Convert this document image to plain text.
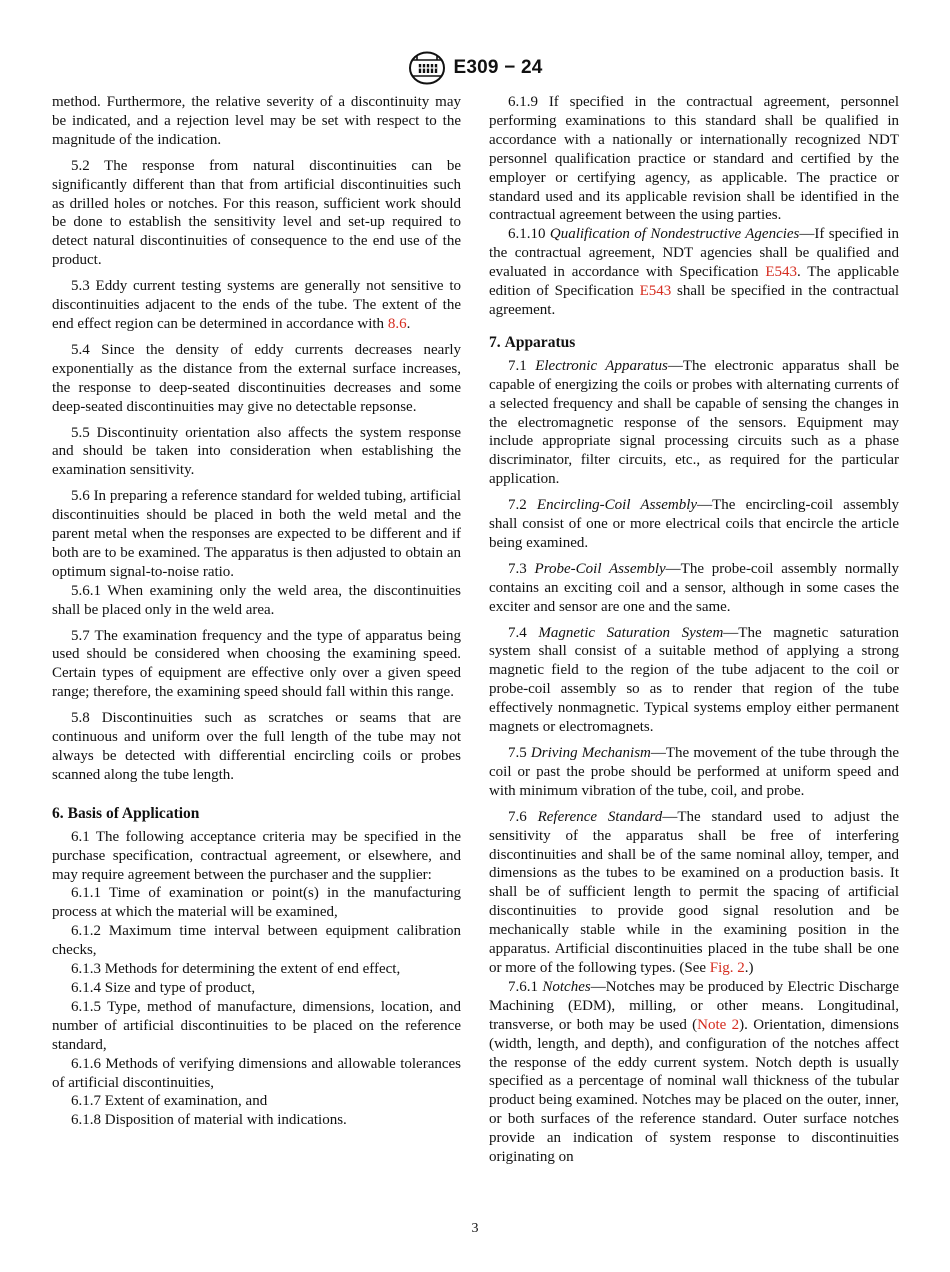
E309 − 24

method. Furthermore, the relative severity of a discontinuity may be indicated, and a rejection level may be set with respect to the magnitude of the indication.

5.2 The response from natural discontinuities can be significantly different than that from artificial discontinuities such as drilled holes or notches. For this reason, sufficient work should be done to establish the sensitivity level and set-up required to detect natural discontinuities of consequence to the end use of the product.

5.3 Eddy current testing systems are generally not sensitive to discontinuities adjacent to the ends of the tube. The extent of the end effect region can be determined in accordance with 8.6.

5.4 Since the density of eddy currents decreases nearly exponentially as the distance from the external surface increases, the response to deep-seated discontinuities decreases and some deep-seated discontinuities may give no detectable repsonse.

5.5 Discontinuity orientation also affects the system response and should be taken into consideration when establishing the examination sensitivity.

5.6 In preparing a reference standard for welded tubing, artificial discontinuities should be placed in both the weld metal and the parent metal when the responses are expected to be different and if both are to be examined. The apparatus is then adjusted to obtain an optimum signal-to-noise ratio.

5.6.1 When examining only the weld area, the discontinuities shall be placed only in the weld area.

5.7 The examination frequency and the type of apparatus being used should be considered when choosing the examining speed. Certain types of equipment are effective only over a given speed range; therefore, the examining speed should fall within this range.

5.8 Discontinuities such as scratches or seams that are continuous and uniform over the full length of the tube may not always be detected with differential encircling coils or probes scanned along the tube length.

6. Basis of Application

6.1 The following acceptance criteria may be specified in the purchase specification, contractual agreement, or elsewhere, and may require agreement between the purchaser and the supplier:

6.1.1 Time of examination or point(s) in the manufacturing process at which the material will be examined,

6.1.2 Maximum time interval between equipment calibration checks,

6.1.3 Methods for determining the extent of end effect,

6.1.4 Size and type of product,

6.1.5 Type, method of manufacture, dimensions, location, and number of artificial discontinuities to be placed on the reference standard,

6.1.6 Methods of verifying dimensions and allowable tolerances of artificial discontinuities,

6.1.7 Extent of examination, and

6.1.8 Disposition of material with indications.

6.1.9 If specified in the contractual agreement, personnel performing examinations to this standard shall be qualified in accordance with a nationally or internationally recognized NDT personnel qualification practice or standard and certified by the employer or certifying agency, as applicable. The practice or standard used and its applicable revision shall be identified in the contractual agreement between the using parties.

6.1.10 Qualification of Nondestructive Agencies—If specified in the contractual agreement, NDT agencies shall be qualified and evaluated in accordance with Specification E543. The applicable edition of Specification E543 shall be specified in the contractual agreement.

7. Apparatus

7.1 Electronic Apparatus—The electronic apparatus shall be capable of energizing the coils or probes with alternating currents of a selected frequency and shall be capable of sensing the changes in the electromagnetic response of the sensors. Equipment may include appropriate signal processing circuits such as a phase discriminator, filter circuits, etc., as required for the particular application.

7.2 Encircling-Coil Assembly—The encircling-coil assembly shall consist of one or more electrical coils that encircle the article being examined.

7.3 Probe-Coil Assembly—The probe-coil assembly normally contains an exciting coil and a sensor, although in some cases the exciter and sensor are one and the same.

7.4 Magnetic Saturation System—The magnetic saturation system shall consist of a suitable method of applying a strong magnetic field to the region of the tube adjacent to the coil or probe-coil assembly so as to render that region of the tube effectively nonmagnetic. Typical systems employ either permanent magnets or electromagnets.

7.5 Driving Mechanism—The movement of the tube through the coil or past the probe should be performed at uniform speed and with minimum vibration of the tube, coil, and probe.

7.6 Reference Standard—The standard used to adjust the sensitivity of the apparatus shall be free of interfering discontinuities and shall be of the same nominal alloy, temper, and dimensions as the tubes to be examined on a production basis. It shall be of sufficient length to permit the spacing of artificial discontinuities to provide good signal resolution and be mechanically stable while in the examining position in the apparatus. Artificial discontinuities placed in the tube shall be one or more of the following types. (See Fig. 2.)

7.6.1 Notches—Notches may be produced by Electric Discharge Machining (EDM), milling, or other means. Longitudinal, transverse, or both may be used (Note 2). Orientation, dimensions (width, length, and depth), and configuration of the notches affect the response of the eddy current system. Notch depth is usually specified as a percentage of nominal wall thickness of the tubular product being examined. Notches may be placed on the outer, inner, or both surfaces of the reference standard. Outer surface notches provide an indication of system response to discontinuities originating on

3
